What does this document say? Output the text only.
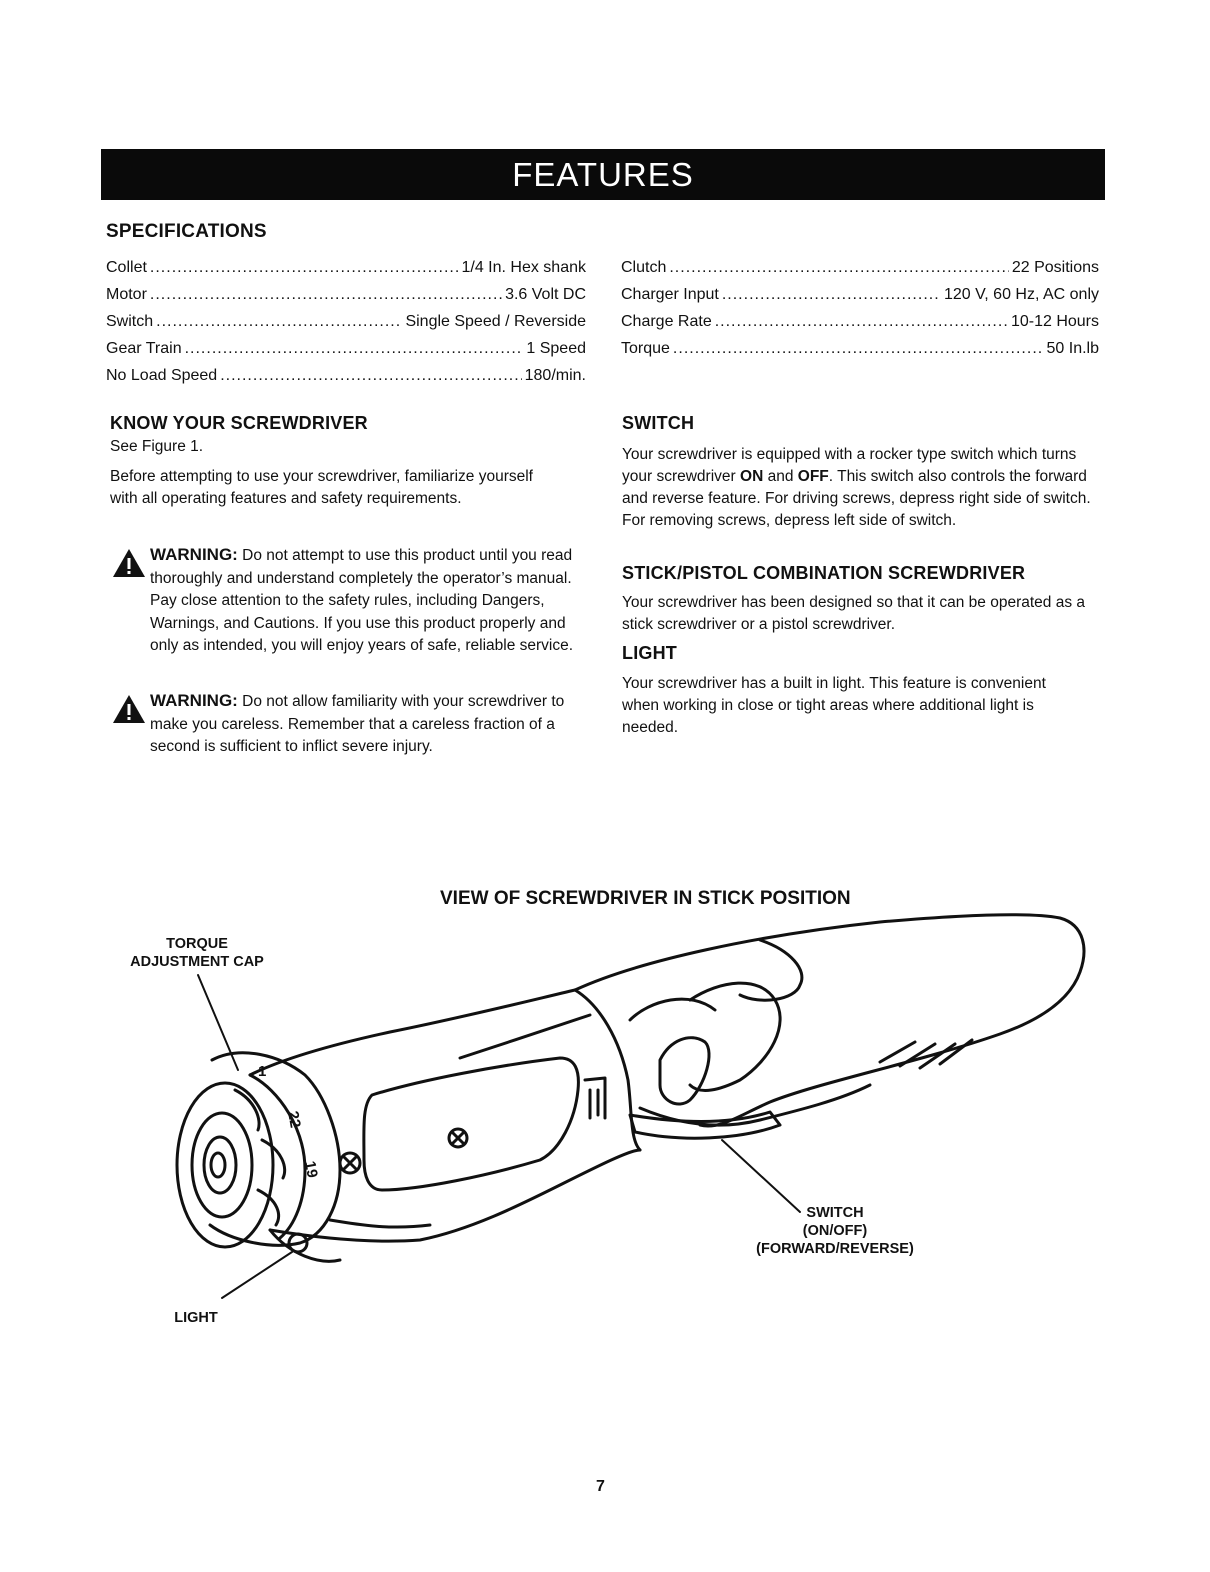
FEATURES
SPECIFICATIONS
Collet .....	1/4 In. Hex shank
Motor .....	3.6 Volt DC
Switch .....	Single Speed / Reverside
Gear Train .....	1 Speed
No Load Speed .....	180/min.
Clutch .....	22 Positions
Charger Input .....	120 V, 60 Hz, AC only
Charge Rate .....	10-12 Hours
Torque .....	50 In.lb
KNOW YOUR SCREWDRIVER

See Figure 1.

Before attempting to use your screwdriver, familiarize yourself with all operating features and safety requirements.

WARNING: Do not attempt to use this product until you read thoroughly and understand completely the operator’s manual. Pay close attention to the safety rules, including Dangers, Warnings, and Cautions. If you use this product properly and only as intended, you will enjoy years of safe, reliable service.
WARNING: Do not allow familiarity with your screwdriver to make you careless. Remember that a careless fraction of a second is sufficient to inflict severe injury.
SWITCH
Your screwdriver is equipped with a rocker type switch which turns your screwdriver ON and OFF. This switch also controls the forward and reverse feature. For driving screws, depress right side of switch. For removing screws, depress left side of switch.
STICK/PISTOL COMBINATION SCREWDRIVER
Your screwdriver has been designed so that it can be operated as a stick screwdriver or a pistol screwdriver.
LIGHT
Your screwdriver has a built in light. This feature is convenient when working in close or tight areas where additional light is needed.
VIEW OF SCREWDRIVER IN STICK POSITION
1
22
19
TORQUE
ADJUSTMENT CAP
SWITCH
(ON/OFF)
(FORWARD/REVERSE)
LIGHT
7
